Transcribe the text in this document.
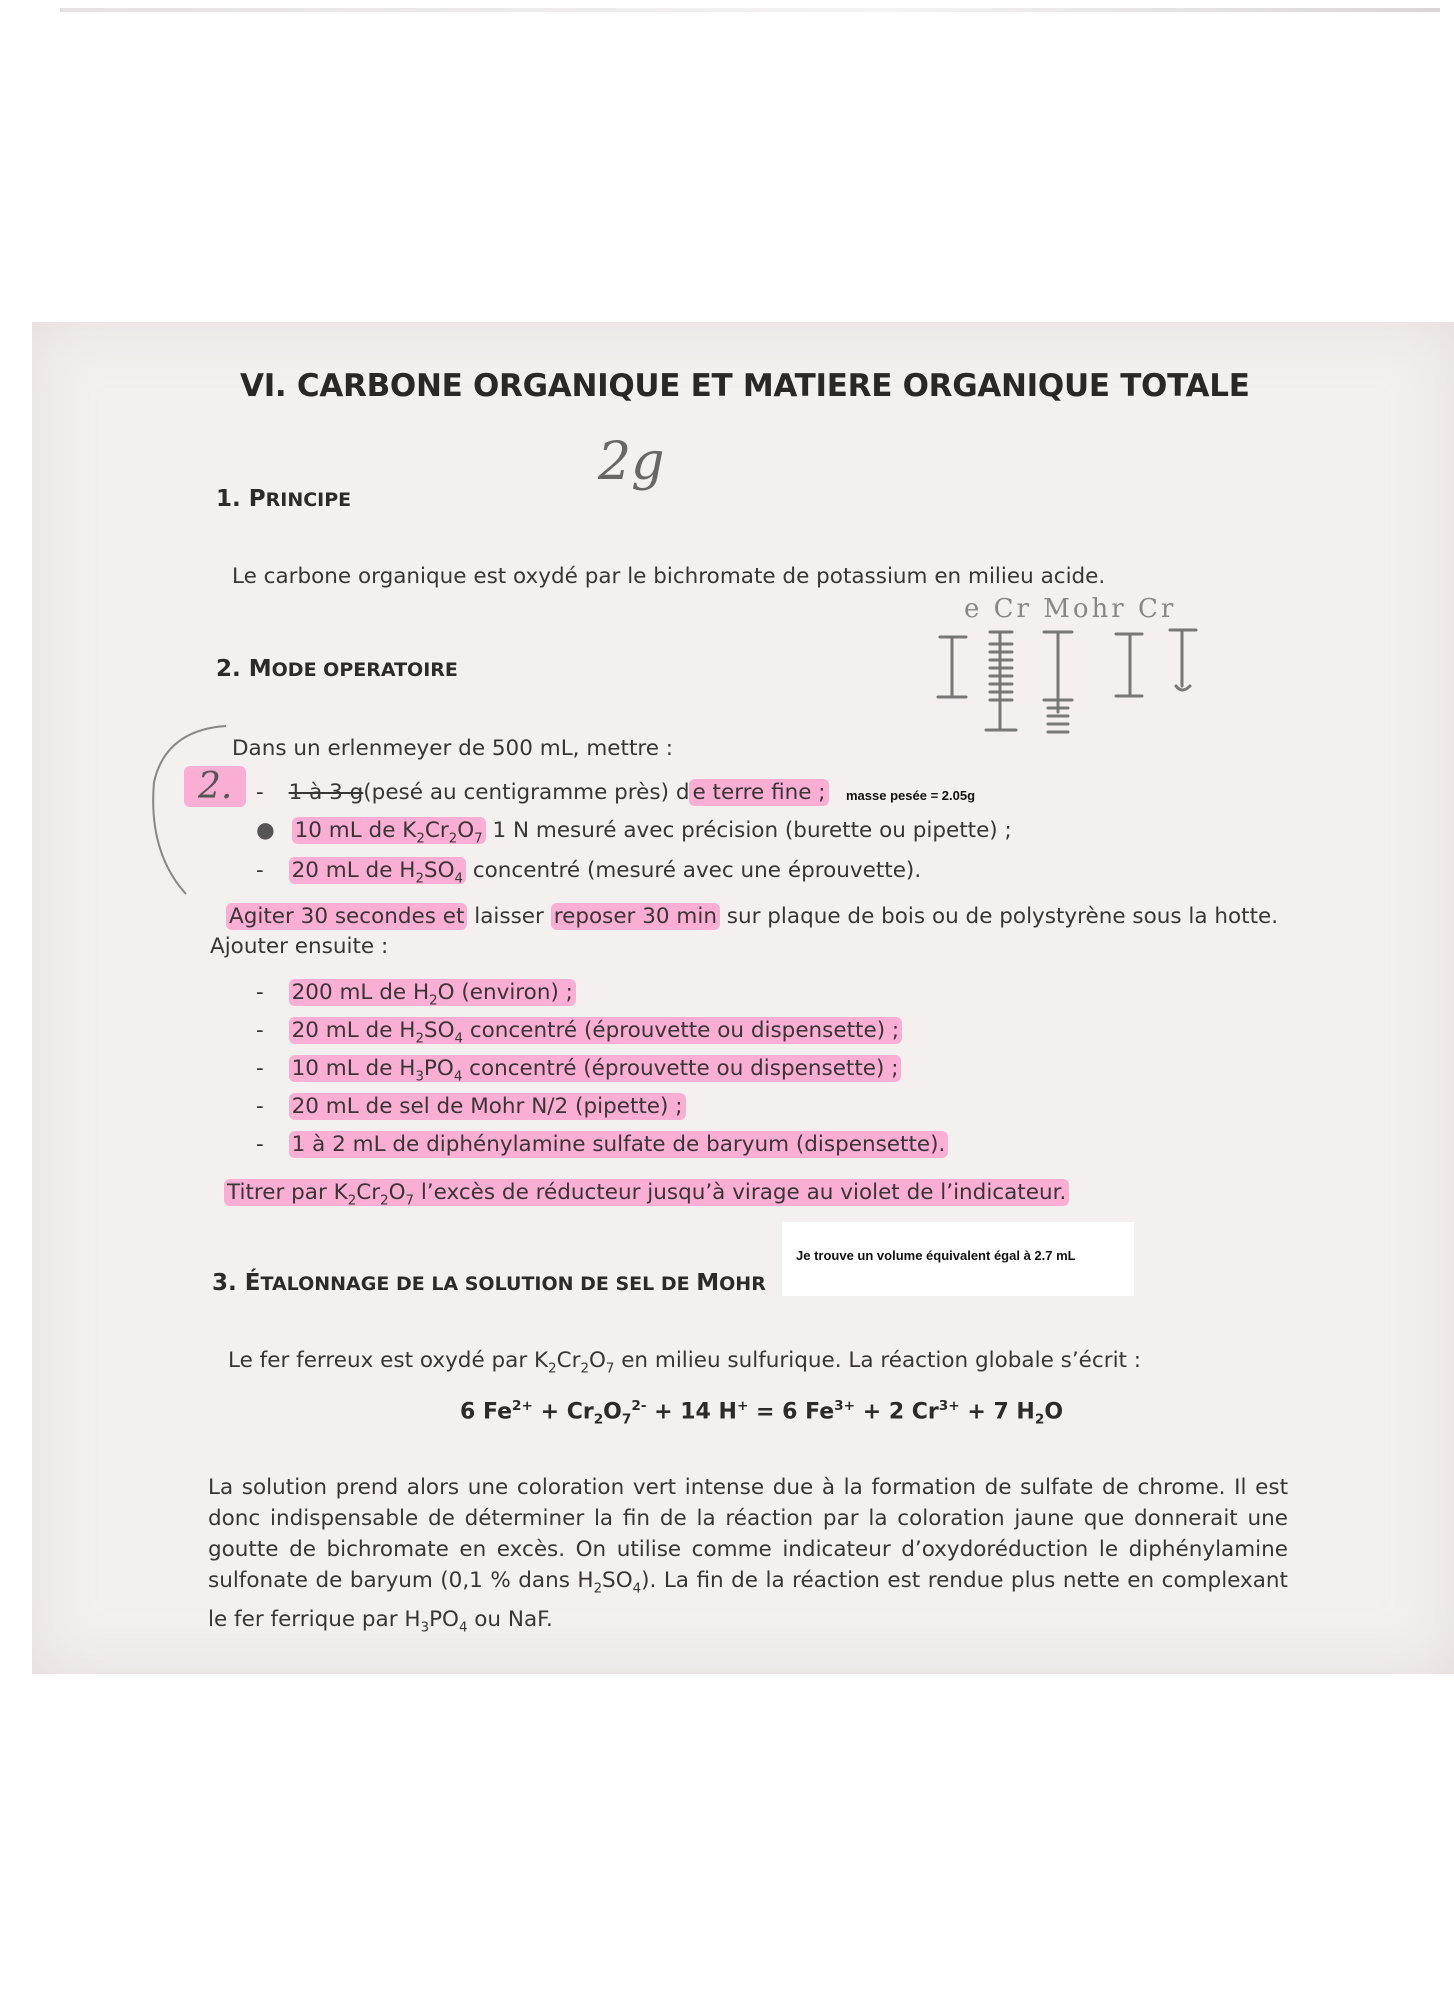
VI. CARBONE ORGANIQUE ET MATIERE ORGANIQUE TOTALE
2g
1. PRINCIPE
Le carbone organique est oxydé par le bichromate de potassium en milieu acide.
e Cr Mohr Cr
2. MODE OPERATOIRE
Dans un erlenmeyer de 500 mL, mettre :
2.	- 1 à 3 g(pesé au centigramme près) d e terre fine ; masse pesée = 2.05g
● 10 mL de $K_2Cr_2O_7$ 1 N mesuré avec précision (burette ou pipette) ;
- 20 mL de $H_2SO_4$ concentré (mesuré avec une éprouvette).
Agiter 30 secondes et laisser reposer 30 min sur plaque de bois ou de polystyrène sous la hotte.
Ajouter ensuite :
- 200 mL de $H_2O$ (environ) ;
- 20 mL de $H_2SO_4$ concentré (éprouvette ou dispensette) ;
- 10 mL de $H_3PO_4$ concentré (éprouvette ou dispensette) ;
- 20 mL de sel de Mohr N/2 (pipette) ;
- 1 à 2 mL de diphénylamine sulfate de baryum (dispensette).
Titrer par $K_2Cr_2O_7$ l’excès de réducteur jusqu’à virage au violet de l’indicateur.
Je trouve un volume équivalent égal à 2.7 mL
3. ÉTALONNAGE DE LA SOLUTION DE SEL DE MOHR
Le fer ferreux est oxydé par $K_2Cr_2O_7$ en milieu sulfurique. La réaction globale s’écrit :
6 $Fe^{2+} + Cr_2O_7^{2-} + 14$ H+ = 6 $Fe^{3+} + 2$ $Cr^{3+} + 7$ $H_2O$
La solution prend alors une coloration vert intense due à la formation de sulfate de chrome. Il est donc indispensable de déterminer la fin de la réaction par la coloration jaune que donnerait une goutte de bichromate en excès. On utilise comme indicateur d’oxydoréduction le diphénylamine sulfonate de baryum (0,1 % dans $H_2SO_4$). La fin de la réaction est rendue plus nette en complexant le fer ferrique par $H_3PO_4$ ou NaF.
